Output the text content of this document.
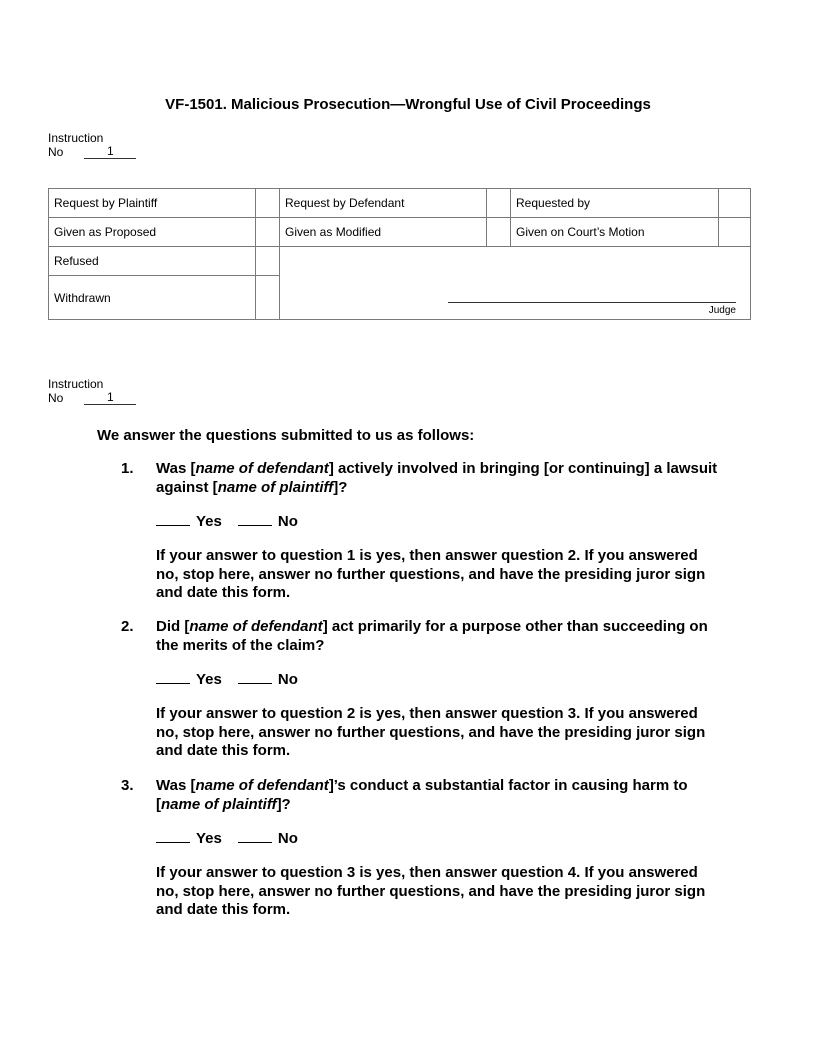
VF-1501. Malicious Prosecution—Wrongful Use of Civil Proceedings
Instruction
No	1
Request by Plaintiff		Request by Defendant		Requested by	
Given as Proposed		Given as Modified		Given on Court’s Motion	
Refused		Judge			

Withdrawn					
Instruction
No	1
We answer the questions submitted to us as follows:
1. Was [name of defendant] actively involved in bringing [or continuing] a lawsuit against [name of plaintiff]?
Yes	No
If your answer to question 1 is yes, then answer question 2. If you answered no, stop here, answer no further questions, and have the presiding juror sign and date this form.
2. Did [name of defendant] act primarily for a purpose other than succeeding on the merits of the claim?
Yes	No
If your answer to question 2 is yes, then answer question 3. If you answered no, stop here, answer no further questions, and have the presiding juror sign and date this form.
3. Was [name of defendant]’s conduct a substantial factor in causing harm to [name of plaintiff]?
Yes	No
If your answer to question 3 is yes, then answer question 4. If you answered no, stop here, answer no further questions, and have the presiding juror sign and date this form.
